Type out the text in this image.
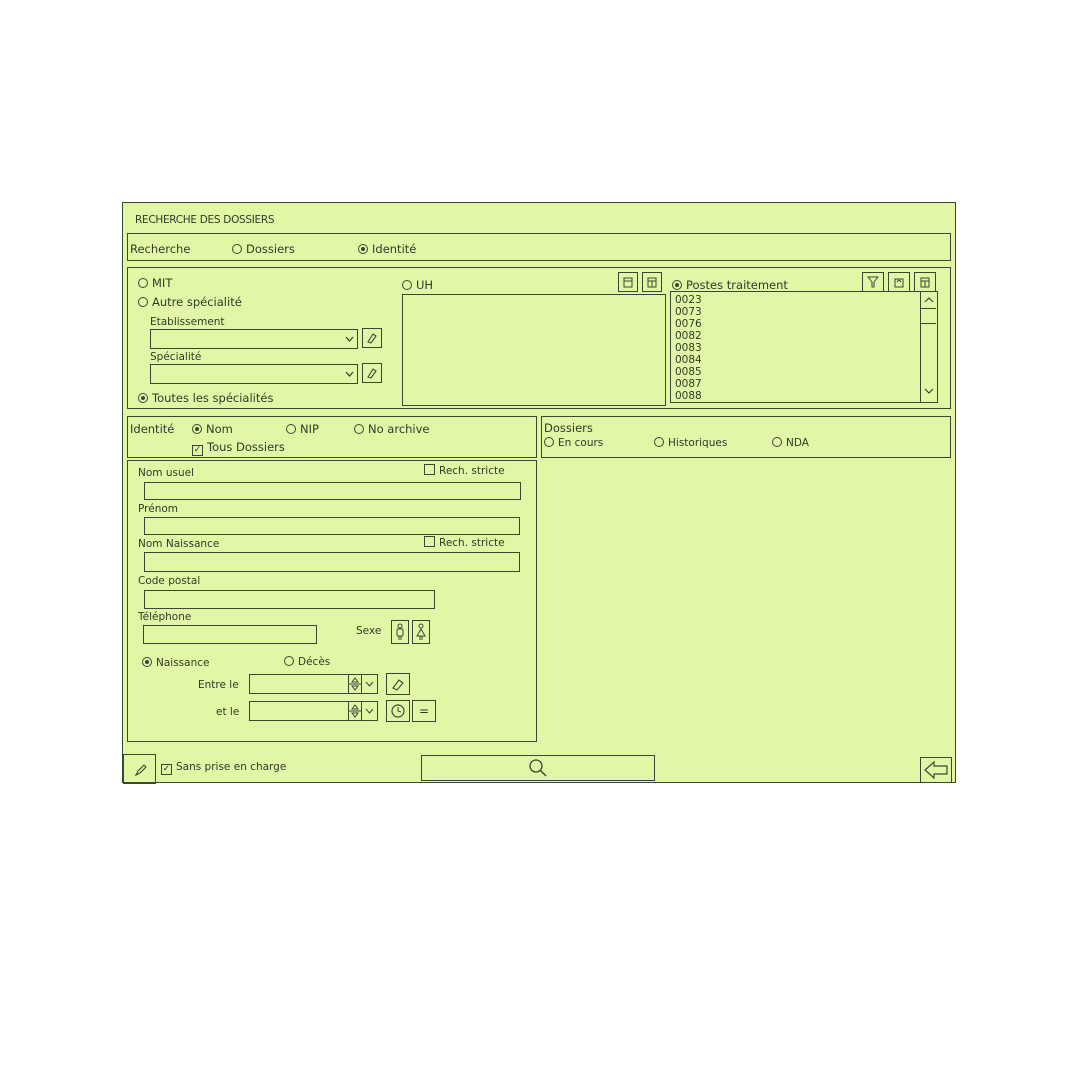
RECHERCHE DES DOSSIERS
Recherche	Dossiers	Identité
MIT
Autre spécialité
Etablissement
Spécialité
Toutes les spécialités
UH	Postes traitement
Identité	Nom	NIP	No archive
✓ Tous Dossiers
Dossiers
En cours	Historiques	NDA
Nom usuel	Rech. stricte
Prénom
Nom Naissance	Rech. stricte
Code postal
Téléphone
Sexe
Naissance	Décès
Entre le
et le	=
✓ Sans prise en charge
0023
0073
0076
0082
0083
0084
0085
0087
0088
